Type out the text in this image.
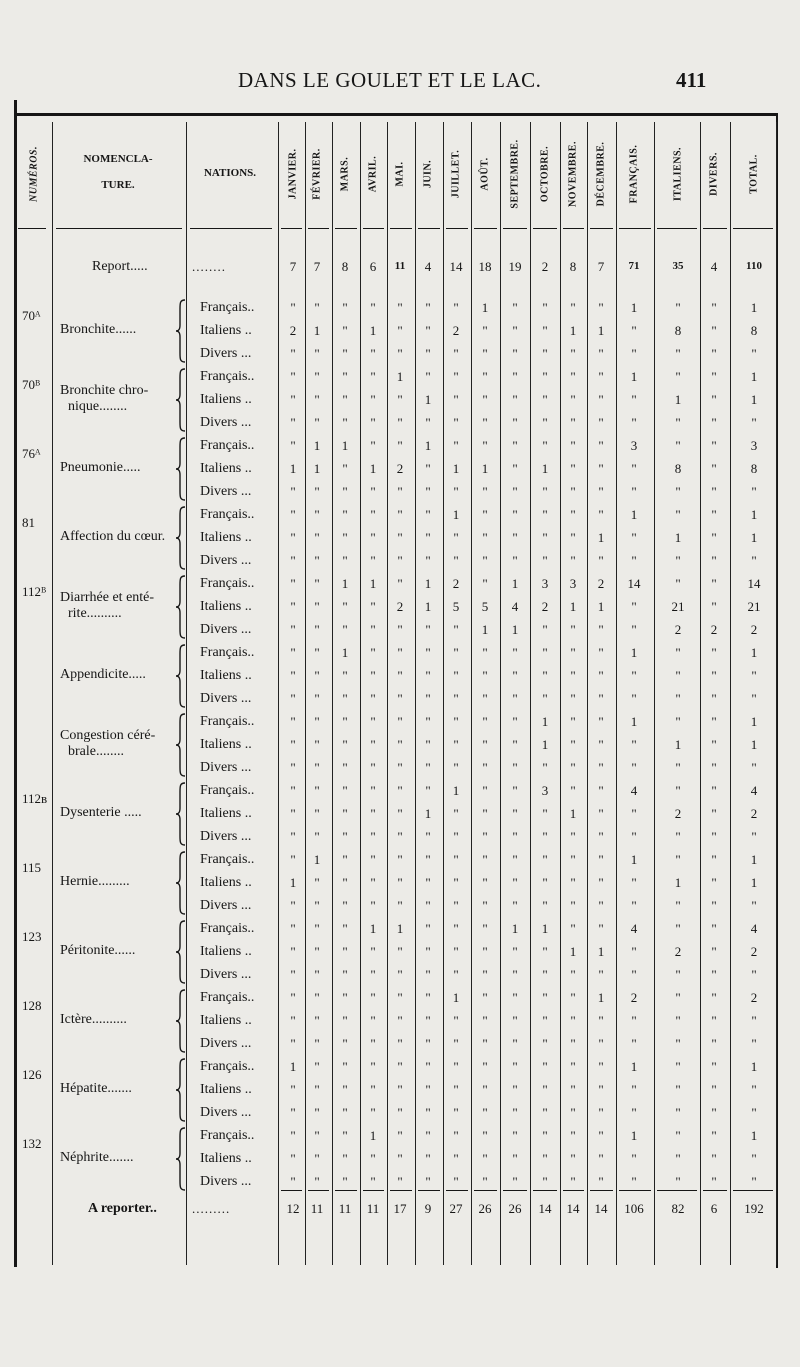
DANS LE GOULET ET LE LAC.	411
NUMÉROS.	NOMENCLA-
TURE.
NATIONS.	JANVIER. FÉVRIER. MARS. AVRIL. MAI. JUIN. JUILLET. AOÛT. SEPTEMBRE. OCTOBRE. NOVEMBRE. DÉCEMBRE. FRANÇAIS.	ITALIENS.	DIVERS.	TOTAL.
Report.....	........	7	7	8	6	11	4	14	18	19	2	8	7	71	35	4	110
70ᴬ
Bronchite......
Français..	"	"	"	"	"	"	"	1	"	"	"	"	1	"	"	1
Italiens ..	2	1	"	1	"	"	2	"	"	"	1	1	"	8	"	8
Divers ...	"	"	"	"	"	"	"	"	"	"	"	"	"	"	"	"
70ᴮ Bronchite chro-
nique........
Français..	"	"	"	"	1	"	"	"	"	"	"	"	1	"	"	1
Italiens ..	"	"	"	"	"	1	"	"	"	"	"	"	"	1	"	1
Divers ...	"	"	"	"	"	"	"	"	"	"	"	"	"	"	"	"
76ᴬ
Pneumonie.....
Français..	"	1	1	"	"	1	"	"	"	"	"	"	3	"	"	3
Italiens ..	1	1	"	1	2	"	1	1	"	1	"	"	"	8	"	8
Divers ...	"	"	"	"	"	"	"	"	"	"	"	"	"	"	"	"
81
Affection du cœur.
Français..	"	"	"	"	"	"	1	"	"	"	"	"	1	"	"	1
Italiens ..	"	"	"	"	"	"	"	"	"	"	"	1	"	1	"	1
Divers ...	"	"	"	"	"	"	"	"	"	"	"	"	"	"	"	"
112ᴮ Diarrhée et enté-
rite..........
Français..	"	"	1	1	"	1	2	"	1	3	3	2	14	"	"	14
Italiens ..	"	"	"	"	2	1	5	5	4	2	1	1	"	21	"	21
Divers ...	"	"	"	"	"	"	"	1	1	"	"	"	"	2	2	2
Appendicite.....
Français..	"	"	1	"	"	"	"	"	"	"	"	"	1	"	"	1
Italiens ..	"	"	"	"	"	"	"	"	"	"	"	"	"	"	"	"
Divers ...	"	"	"	"	"	"	"	"	"	"	"	"	"	"	"	"
Congestion céré-
brale........
Français..	"	"	"	"	"	"	"	"	"	1	"	"	1	"	"	1
Italiens ..	"	"	"	"	"	"	"	"	"	1	"	"	"	1	"	1
Divers ...	"	"	"	"	"	"	"	"	"	"	"	"	"	"	"	"
112ʙ
Dysenterie .....
Français..	"	"	"	"	"	"	1	"	"	3	"	"	4	"	"	4
Italiens ..	"	"	"	"	"	1	"	"	"	"	1	"	"	2	"	2
Divers ...	"	"	"	"	"	"	"	"	"	"	"	"	"	"	"	"
115
Hernie.........
Français..	"	1	"	"	"	"	"	"	"	"	"	"	1	"	"	1
Italiens ..	1	"	"	"	"	"	"	"	"	"	"	"	"	1	"	1
Divers ...	"	"	"	"	"	"	"	"	"	"	"	"	"	"	"	"
123
Péritonite......
Français..	"	"	"	1	1	"	"	"	1	1	"	"	4	"	"	4
Italiens ..	"	"	"	"	"	"	"	"	"	"	1	1	"	2	"	2
Divers ...	"	"	"	"	"	"	"	"	"	"	"	"	"	"	"	"
128
Ictère..........
Français..	"	"	"	"	"	"	1	"	"	"	"	1	2	"	"	2
Italiens ..	"	"	"	"	"	"	"	"	"	"	"	"	"	"	"	"
Divers ...	"	"	"	"	"	"	"	"	"	"	"	"	"	"	"	"
126
Hépatite.......
Français..	1	"	"	"	"	"	"	"	"	"	"	"	1	"	"	1
Italiens ..	"	"	"	"	"	"	"	"	"	"	"	"	"	"	"	"
Divers ...	"	"	"	"	"	"	"	"	"	"	"	"	"	"	"	"
132
Néphrite.......
Français..	"	"	"	1	"	"	"	"	"	"	"	"	1	"	"	1
Italiens ..	"	"	"	"	"	"	"	"	"	"	"	"	"	"	"	"
Divers ...	"	"	"	"	"	"	"	"	"	"	"	"	"	"	"	"
A reporter..	.........	12 11	11	11	17	9	27	26	26	14	14	14	106	82	6	192
